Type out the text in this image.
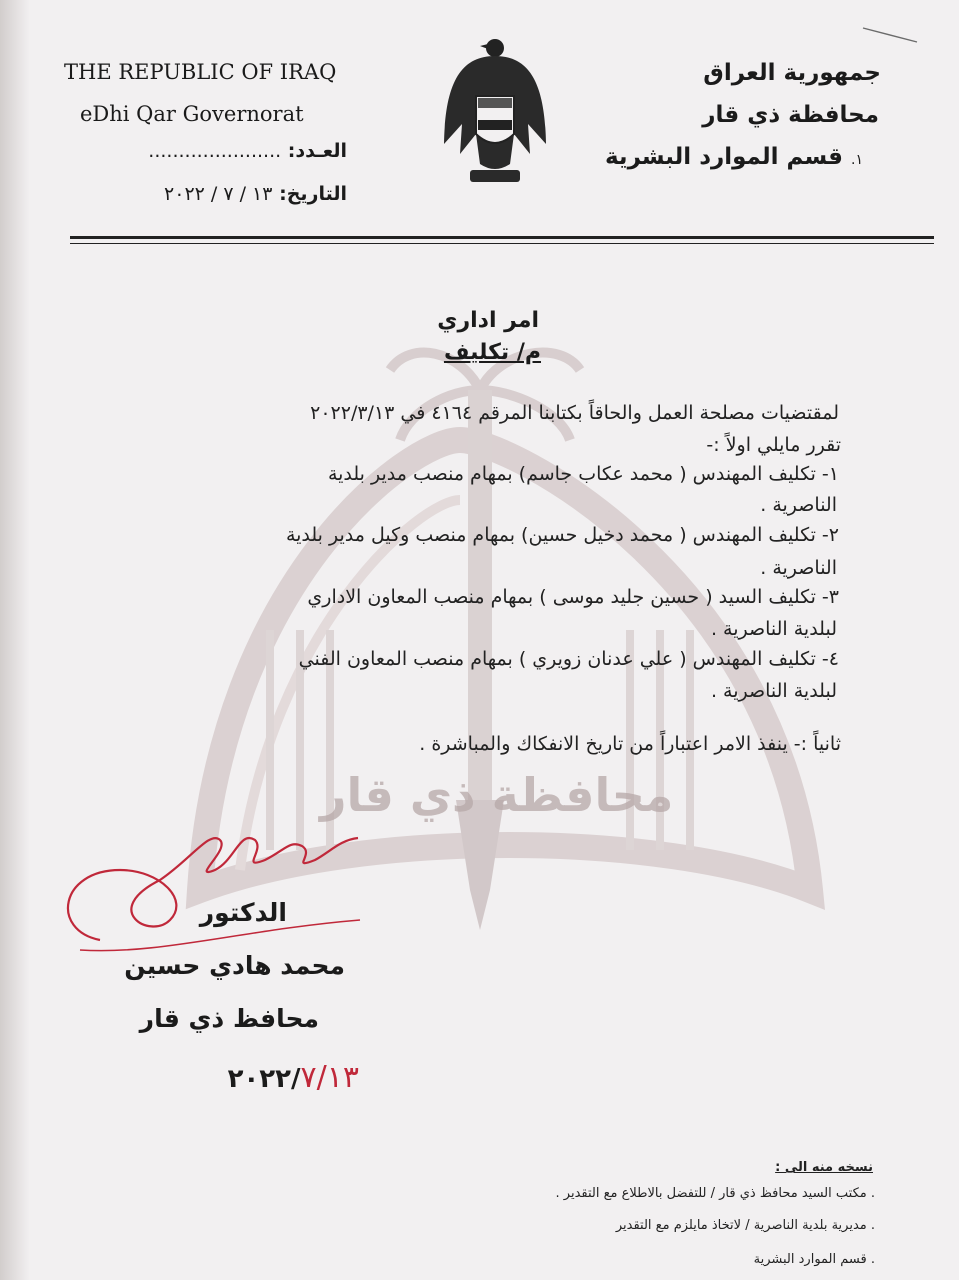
محافظة ذي قار
THE REPUBLIC OF IRAQ
eDhi Qar Governorat
العـدد: ......................
التاريخ: ١٣ / ٧ / ٢٠٢٢
جمهورية العراق
محافظة ذي قار
١. قسم الموارد البشرية
امر اداري
م/ تكليف
لمقتضيات مصلحة العمل والحاقاً بكتابنا المرقم ٤١٦٤ في ٢٠٢٢/٣/١٣
تقرر مايلي اولاً :-
١- تكليف المهندس ( محمد عكاب جاسم) بمهام منصب مدير بلدية
الناصرية .
٢- تكليف المهندس ( محمد دخيل حسين) بمهام منصب وكيل مدير بلدية
الناصرية .
٣- تكليف السيد ( حسين جليد موسى ) بمهام منصب المعاون الاداري
لبلدية الناصرية .
٤- تكليف المهندس ( علي عدنان زويري ) بمهام منصب المعاون الفني
لبلدية الناصرية .
ثانياً :- ينفذ الامر اعتباراً من تاريخ الانفكاك والمباشرة .
الدكتور
محمد هادي حسين
محافظ ذي قار
٢٠٢٢/٧/١٣
نسخه منه الى :
. مكتب السيد محافظ ذي قار / للتفضل بالاطلاع مع التقدير .
. مديرية بلدية الناصرية / لاتخاذ مايلزم مع التقدير
. قسم الموارد البشرية
